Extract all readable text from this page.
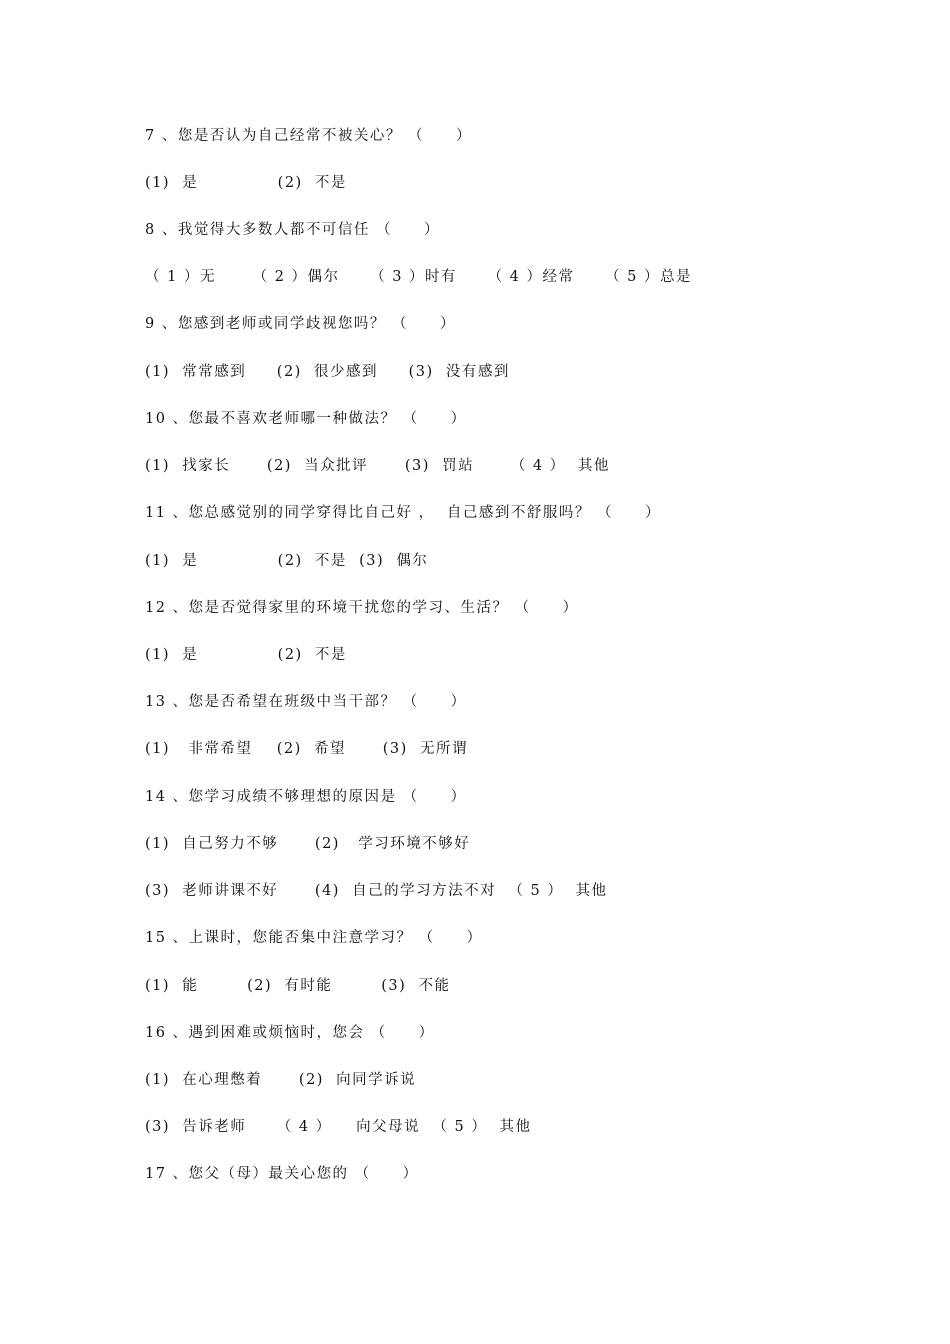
7 、您是否认为自己经常不被关心？ （　　）
(1)  是             (2)  不是
8 、我觉得大多数人都不可信任 （　　）
（ 1 ）无      （ 2 ）偶尔     （ 3 ）时有     （ 4 ）经常     （ 5 ）总是
9 、您感到老师或同学歧视您吗？ （　　）
(1)  常常感到     (2)  很少感到     (3)  没有感到
10 、您最不喜欢老师哪一种做法？ （　　）
(1)  找家长      (2)  当众批评      (3)  罚站      （ 4 ）  其他
11 、您总感觉别的同学穿得比自己好 ，  自己感到不舒服吗？ （　　）
(1)  是             (2)  不是  (3)  偶尔
12 、您是否觉得家里的环境干扰您的学习、生活？ （　　）
(1)  是             (2)  不是
13 、您是否希望在班级中当干部？ （　　）
(1)   非常希望    (2)  希望      (3)  无所谓
14 、您学习成绩不够理想的原因是 （　　）
(1)  自己努力不够      (2)   学习环境不够好
(3)  老师讲课不好      (4)  自己的学习方法不对  （ 5 ）  其他
15 、上课时，您能否集中注意学习？ （　　）
(1)  能        (2)  有时能        (3)  不能
16 、遇到困难或烦恼时，您会 （　　）
(1)  在心理憋着      (2)  向同学诉说
(3)  告诉老师     （ 4 ）    向父母说  （ 5 ）  其他
17 、您父（母）最关心您的 （　　）
